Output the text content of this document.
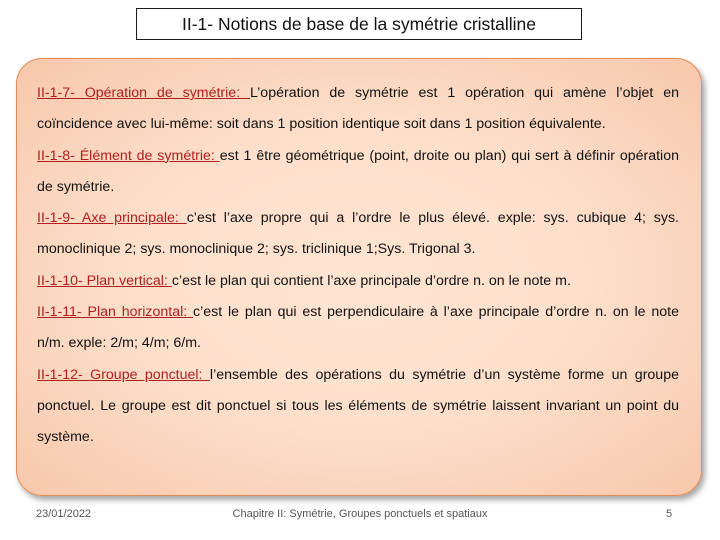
II-1- Notions de base de la symétrie cristalline

II-1-7- Opération de symétrie: L’opération de symétrie est 1 opération qui amène l’objet en coïncidence avec lui-même: soit dans 1 position identique soit dans 1 position équivalente.

II-1-8- Élément de symétrie: est 1 être géométrique (point, droite ou plan) qui sert à définir opération de symétrie.

II-1-9- Axe principale: c’est l’axe propre qui a l’ordre le plus élevé. exple: sys. cubique 4; sys. monoclinique 2; sys. monoclinique 2; sys. triclinique 1;Sys. Trigonal 3.

II-1-10- Plan vertical: c’est le plan qui contient l’axe principale d’ordre n. on le note m.

II-1-11- Plan horizontal: c’est le plan qui est perpendiculaire à l’axe principale d’ordre n. on le note n/m. exple: 2/m; 4/m; 6/m.

II-1-12- Groupe ponctuel: l’ensemble des opérations du symétrie d’un système forme un groupe ponctuel. Le groupe est dit ponctuel si tous les éléments de symétrie laissent invariant un point du système.

23/01/2022	Chapitre II: Symétrie, Groupes ponctuels et spatiaux	5
